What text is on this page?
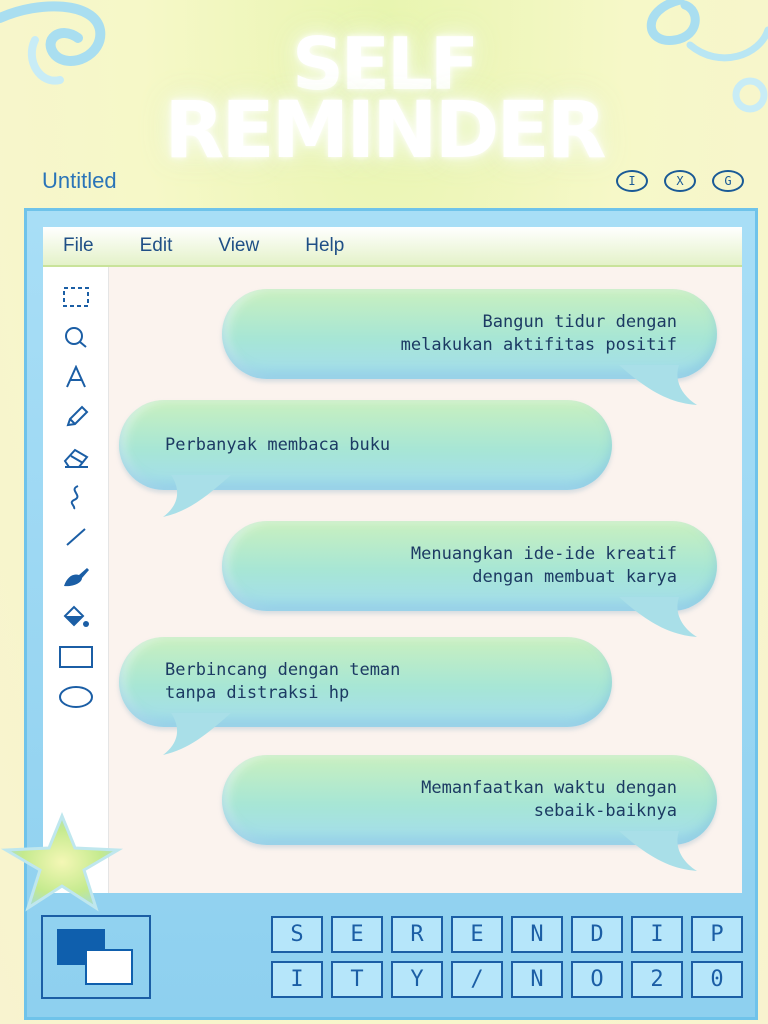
SELF
REMINDER
Untitled	I	X	G
File Edit View Help
Bangun tidur dengan
melakukan aktifitas positif
Perbanyak membaca buku
Menuangkan ide-ide kreatif
dengan membuat karya
Berbincang dengan teman
tanpa distraksi hp
Memanfaatkan waktu dengan
sebaik-baiknya
S	E	R	E	N	D	I	P
I	T	Y	/	N	O	2	0
